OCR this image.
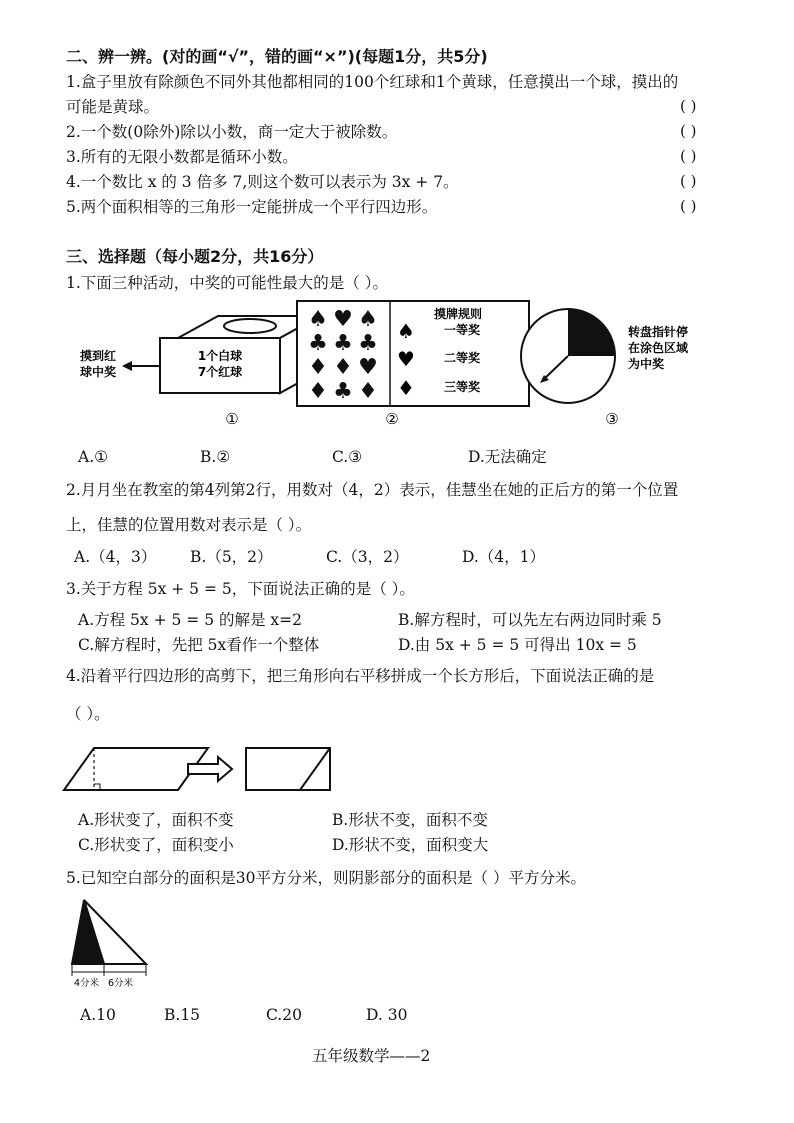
二、辨一辨。(对的画“√”，错的画“×”)(每题1分，共5分)
1.盒子里放有除颜色不同外其他都相同的100个红球和1个黄球，任意摸出一个球，摸出的
可能是黄球。	( )
2.一个数(0除外)除以小数，商一定大于被除数。	( )
3.所有的无限小数都是循环小数。	( )
4.一个数比 x 的 3 倍多 7,则这个数可以表示为 3x + 7。	( )
5.两个面积相等的三角形一定能拼成一个平行四边形。	( )
三、选择题（每小题2分，共16分）
1.下面三种活动，中奖的可能性最大的是（ ）。
1个白球
7个红球
摸到红
球中奖
①
♠ ♥ ♠
♣ ♣ ♣
♦ ♦ ♥
♦ ♣ ♦
摸牌规则
♠ 一等奖
♥ 二等奖
♦ 三等奖
②
转盘指针停
在涂色区域
为中奖
③
A.①	B.②	C.③	D.无法确定
2.月月坐在教室的第4列第2行，用数对（4，2）表示，佳慧坐在她的正后方的第一个位置
上，佳慧的位置用数对表示是（ ）。
A.（4，3） B.（5，2）	C.（3，2）	D.（4，1）
3.关于方程 5x + 5 = 5，下面说法正确的是（ ）。
A.方程 5x + 5 = 5 的解是 x=2	B.解方程时，可以先左右两边同时乘 5
C.解方程时，先把 5x看作一个整体	D.由 5x + 5 = 5 可得出 10x = 5
4.沿着平行四边形的高剪下，把三角形向右平移拼成一个长方形后，下面说法正确的是
（ ）。
A.形状变了，面积不变	B.形状不变，面积不变
C.形状变了，面积变小	D.形状不变，面积变大
5.已知空白部分的面积是30平方分米，则阴影部分的面积是（ ）平方分米。
4分米 6分米
A.10	B.15	C.20	D. 30
五年级数学——2
